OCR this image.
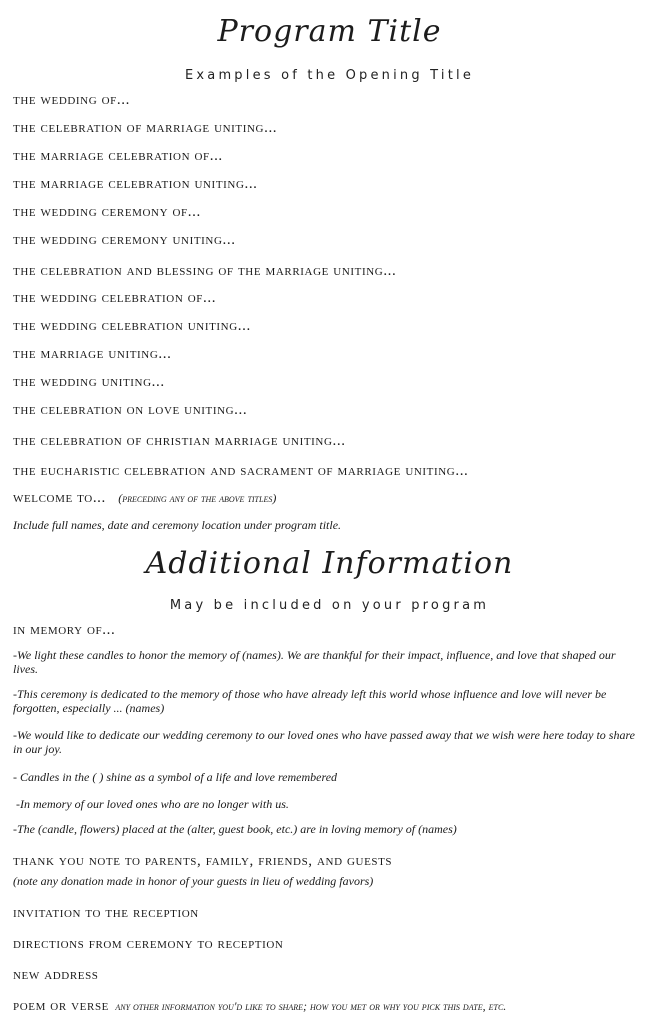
Program Title
Examples of the Opening Title
the wedding of...
the celebration of marriage uniting...
the marriage celebration of...
the marriage celebration uniting...
the wedding ceremony of...
the wedding ceremony uniting...
the celebration and blessing of the marriage uniting...
the wedding celebration of...
the wedding celebration uniting...
the marriage uniting...
the wedding uniting...
the celebration on love uniting...
the celebration of christian marriage uniting...
the eucharistic celebration and sacrament of marriage uniting...
welcome to... (preceding any of the above titles)
Include full names, date and ceremony location under program title.
Additional Information
May be included on your program
in memory of...
-We light these candles to honor the memory of (names). We are thankful for their impact, influence, and love that shaped our lives.
-This ceremony is dedicated to the memory of those who have already left this world whose influence and love will never be forgotten, especially ... (names)
-We would like to dedicate our wedding ceremony to our loved ones who have passed away that we wish were here today to share in our joy.
- Candles in the ( ) shine as a symbol of a life and love remembered
-In memory of our loved ones who are no longer with us.
-The (candle, flowers) placed at the (alter, guest book, etc.) are in loving memory of (names)
thank you note to parents, family, friends, and guests
(note any donation made in honor of your guests in lieu of wedding favors)
invitation to the reception
directions from ceremony to reception
new address
poem or verse any other information you'd like to share; how you met or why you pick this date, etc.
